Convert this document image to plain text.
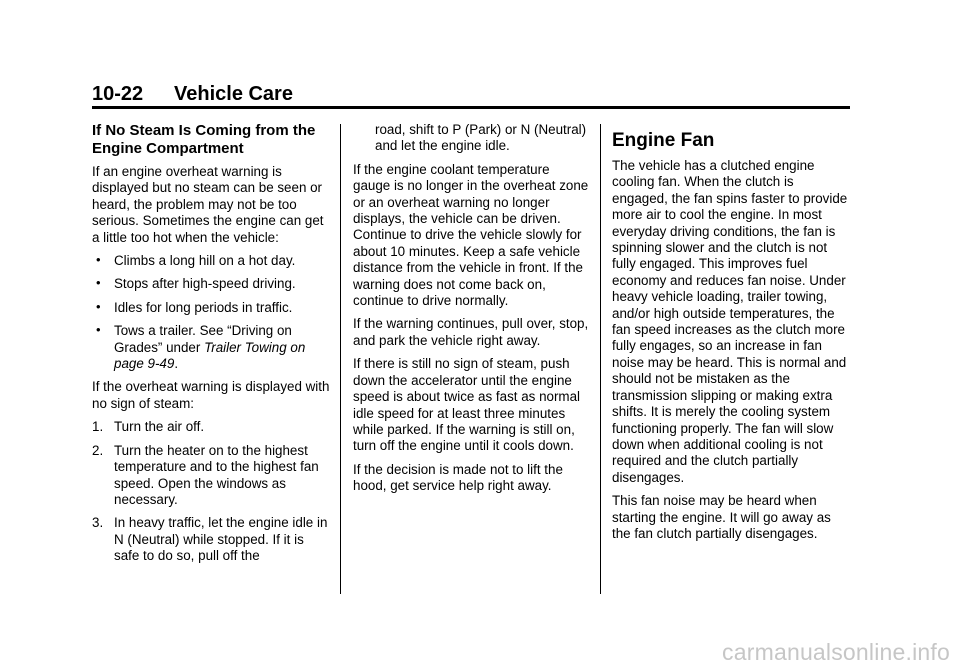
10-22 Vehicle Care
If No Steam Is Coming from the Engine Compartment

If an engine overheat warning is displayed but no steam can be seen or heard, the problem may not be too serious. Sometimes the engine can get a little too hot when the vehicle:

• Climbs a long hill on a hot day.
• Stops after high-speed driving.
• Idles for long periods in traffic.
• Tows a trailer. See “Driving on Grades” under Trailer Towing on page 9-49.

If the overheat warning is displayed with no sign of steam:

1. Turn the air off.
2. Turn the heater on to the highest temperature and to the highest fan speed. Open the windows as necessary.
3. In heavy traffic, let the engine idle in N (Neutral) while stopped. If it is safe to do so, pull off the
road, shift to P (Park) or N (Neutral) and let the engine idle.

If the engine coolant temperature gauge is no longer in the overheat zone or an overheat warning no longer displays, the vehicle can be driven. Continue to drive the vehicle slowly for about 10 minutes. Keep a safe vehicle distance from the vehicle in front. If the warning does not come back on, continue to drive normally.

If the warning continues, pull over, stop, and park the vehicle right away.

If there is still no sign of steam, push down the accelerator until the engine speed is about twice as fast as normal idle speed for at least three minutes while parked. If the warning is still on, turn off the engine until it cools down.

If the decision is made not to lift the hood, get service help right away.

Engine Fan

The vehicle has a clutched engine cooling fan. When the clutch is engaged, the fan spins faster to provide more air to cool the engine. In most everyday driving conditions, the fan is spinning slower and the clutch is not fully engaged. This improves fuel economy and reduces fan noise. Under heavy vehicle loading, trailer towing, and/or high outside temperatures, the fan speed increases as the clutch more fully engages, so an increase in fan noise may be heard. This is normal and should not be mistaken as the transmission slipping or making extra shifts. It is merely the cooling system functioning properly. The fan will slow down when additional cooling is not required and the clutch partially disengages.

This fan noise may be heard when starting the engine. It will go away as the fan clutch partially disengages.

carmanualsonline.info
